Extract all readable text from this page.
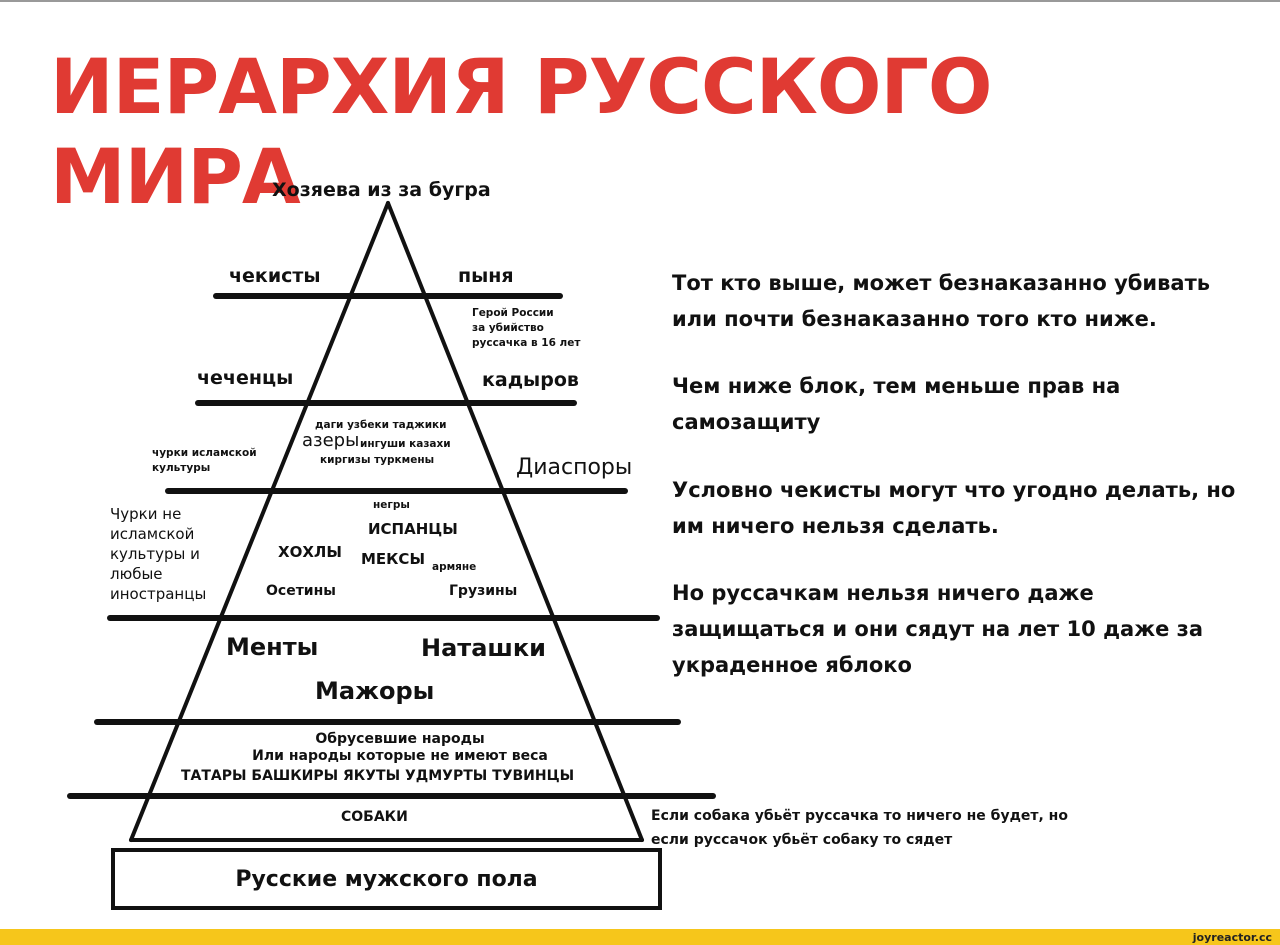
ИЕРАРХИЯ РУССКОГО МИРА
Хозяева из за бугра
чекисты	пыня
Герой России
за убийство
руссачка в 16 лет
чеченцы	кадыров
чурки исламской
культуры
даги узбеки таджики
азеры ингуши казахи
киргизы туркмены	Диаспоры
Чурки не
исламской
культуры и
любые
иностранцы
негры
ИСПАНЦЫ
ХОХЛЫ МЕКСЫ армяне
Осетины	Грузины
Менты	Наташки
Мажоры
Обрусевшие народы
Или народы которые не имеют веса
ТАТАРЫ БАШКИРЫ ЯКУТЫ УДМУРТЫ ТУВИНЦЫ
СОБАКИ
Русские мужского пола
Тот кто выше, может безнаказанно убивать
или почти безнаказанно того кто ниже.
Чем ниже блок, тем меньше прав на
самозащиту
Условно чекисты могут что угодно делать, но
им ничего нельзя сделать.
Но руссачкам нельзя ничего даже
защищаться и они сядут на лет 10 даже за
украденное яблоко
Если собака убьёт руссачка то ничего не будет, но
если руссачок убьёт собаку то сядет
joyreactor.cc
